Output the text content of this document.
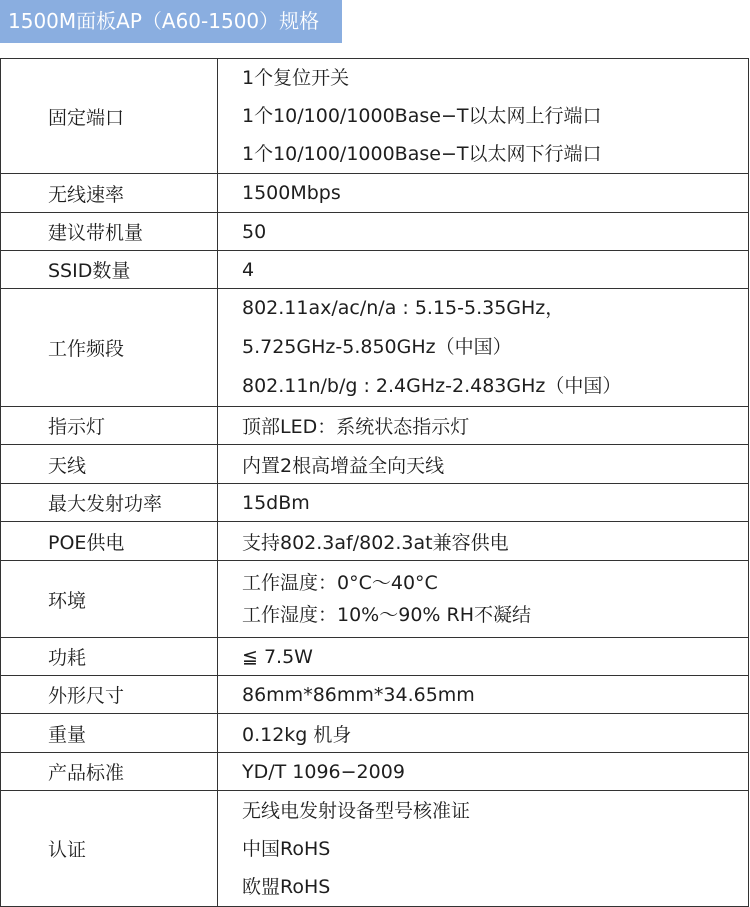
1500M面板AP（A60-1500）规格
固定端口	1个复位开关
1个10/100/1000Base−T以太网上行端口
1个10/100/1000Base−T以太网下行端口

无线速率	1500Mbps
建议带机量	50
SSID数量	4
工作频段	802.11ax/ac/n/a : 5.15-5.35GHz，
5.725GHz-5.850GHz（中国）
802.11n/b/g : 2.4GHz-2.483GHz（中国）

指示灯	顶部LED：系统状态指示灯
天线	内置2根高增益全向天线
最大发射功率	15dBm
POE供电	支持802.3af/802.3at兼容供电
环境	工作温度：0°C～40°C
工作湿度：10%～90% RH不凝结

功耗	≦ 7.5W
外形尺寸	86mm*86mm*34.65mm
重量	0.12kg 机身
产品标准	YD/T 1096−2009
认证	无线电发射设备型号核准证
中国RoHS
欧盟RoHS
